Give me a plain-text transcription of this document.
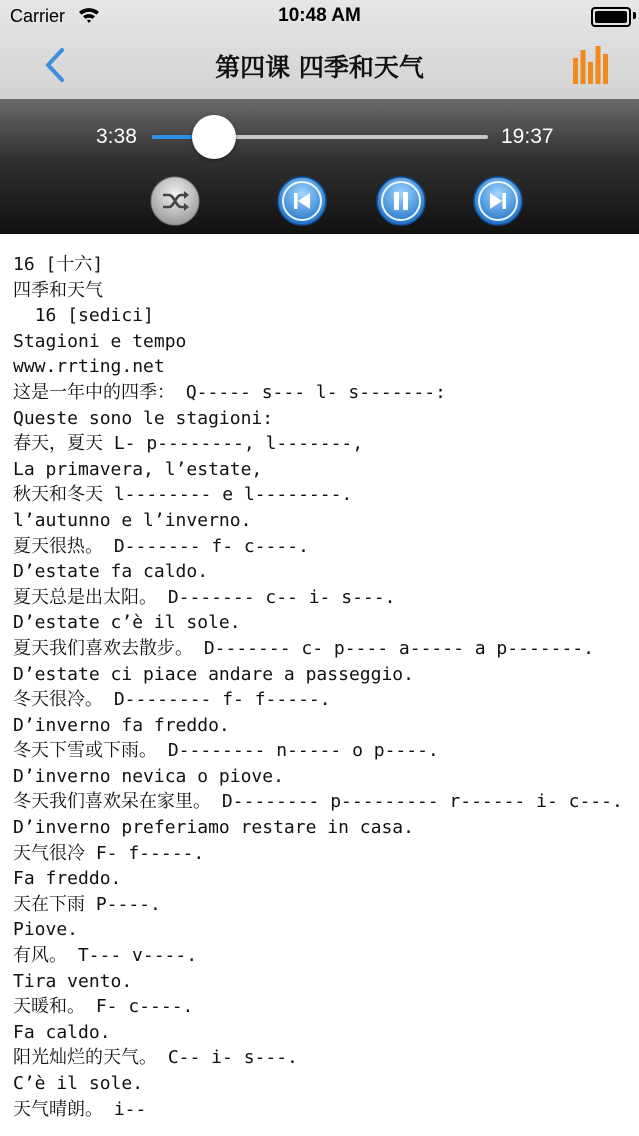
Carrier	10:48 AM
第四课 四季和天气
3:38	19:37
16 [十六]
四季和天气
16 [sedici]
Stagioni e tempo
www.rrting.net
这是一年中的四季： Q----- s--- l- s-------:
Queste sono le stagioni:
春天，夏天 L- p--------, l-------,
La primavera, l’estate,
秋天和冬天 l-------- e l--------.
l’autunno e l’inverno.
夏天很热。 D------- f- c----.
D’estate fa caldo.
夏天总是出太阳。 D------- c-- i- s---.
D’estate c’è il sole.
夏天我们喜欢去散步。 D------- c- p---- a----- a p-------.
D’estate ci piace andare a passeggio.
冬天很冷。 D-------- f- f-----.
D’inverno fa freddo.
冬天下雪或下雨。 D-------- n----- o p----.
D’inverno nevica o piove.
冬天我们喜欢呆在家里。 D-------- p--------- r------ i- c---.
D’inverno preferiamo restare in casa.
天气很冷 F- f-----.
Fa freddo.
天在下雨 P----.
Piove.
有风。 T--- v----.
Tira vento.
天暖和。 F- c----.
Fa caldo.
阳光灿烂的天气。 C-- i- s---.
C’è il sole.
天气晴朗。 i--
